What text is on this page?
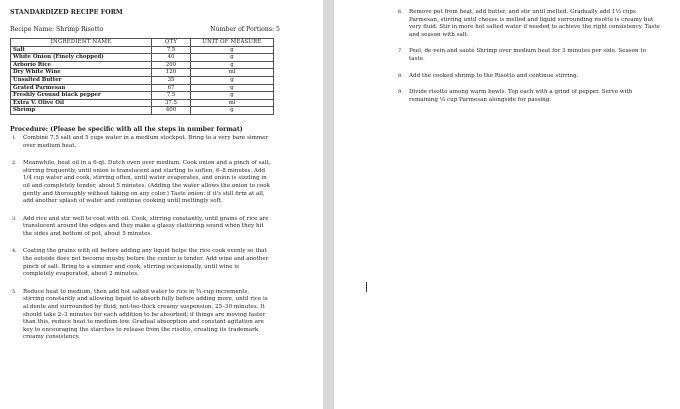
STANDARDIZED RECIPE FORM
Recipe Name: Shrimp Risotto	Number of Portions: 5
INGREDIENT NAME	QTY	UNIT OF MEASURE
Salt	7.5	g
White Onion (Finely chopped)	40	g
Arborio Rice	200	g
Dry White Wine	120	ml
Unsalted Butter	35	g
Grated Parmesan	67	g
Freshly Ground black pepper	7.5	g
Extra V. Olive Oil	37.5	ml
Shrimp	400	g
Procedure: (Please be specific with all the steps in number format)
1. Combine 7.5 salt and 5 cups water in a medium stockpot. Bring to a very bare simmer over medium heat.
2. Meanwhile, heat oil in a 6-qt. Dutch oven over medium. Cook onion and a pinch of salt, stirring frequently, until onion is translucent and starting to soften, 6–8 minutes. Add 1/4 cup water and cook, stirring often, until water evaporates, and onion is sizzling in oil and completely tender, about 5 minutes. (Adding the water allows the onion to cook gently and thoroughly without taking on any color.) Taste onion: if it's still firm at all, add another splash of water and continue cooking until meltingly soft.
3. Add rice and stir well to coat with oil. Cook, stirring constantly, until grains of rice are translucent around the edges and they make a glassy clattering sound when they hit the sides and bottom of pot, about 5 minutes.
4. Coating the grains with oil before adding any liquid helps the rice cook evenly so that the outside does not become mushy before the center is tender. Add wine and another pinch of salt. Bring to a simmer and cook, stirring occasionally, until wine is completely evaporated, about 2 minutes.
5. Reduce heat to medium, then add hot salted water to rice in ¾-cup increments, stirring constantly and allowing liquid to absorb fully before adding more, until rice is al dente and surrounded by fluid, not-too-thick creamy suspension, 25–30 minutes. It should take 2–3 minutes for each addition to be absorbed; if things are moving faster than this, reduce heat to medium-low. Gradual absorption and constant agitation are key to encouraging the starches to release from the risotto, creating its trademark creamy consistency.
6. Remove pot from heat, add butter, and stir until melted. Gradually add 1⅓ cups Parmesan, stirring until cheese is melted and liquid surrounding risotto is creamy but very fluid. Stir in more hot salted water if needed to achieve the right consistency. Taste and season with salt.
7. Peel, de-vein and sauté Shrimp over medium heat for 3 minutes per side. Season to taste.
8. Add the cooked shrimp to the Risotto and continue stirring.
9. Divide risotto among warm bowls. Top each with a grind of pepper. Serve with remaining ⅓ cup Parmesan alongside for passing.
